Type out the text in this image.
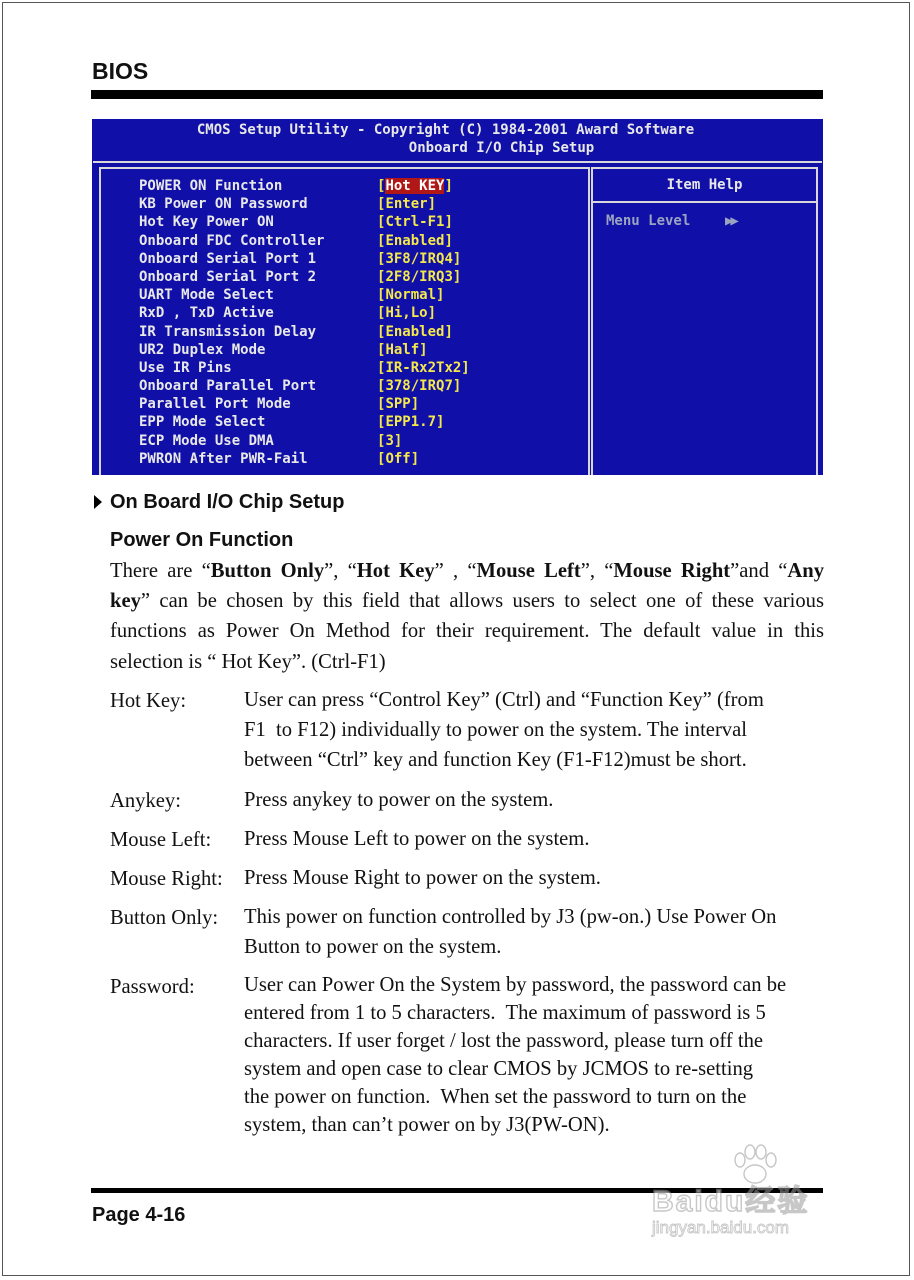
BIOS
CMOS Setup Utility - Copyright (C) 1984-2001 Award Software
Onboard I/O Chip Setup
POWER ON Function	[Hot KEY]
KB Power ON Password	[Enter]
Hot Key Power ON	[Ctrl-F1]
Onboard FDC Controller	[Enabled]
Onboard Serial Port 1	[3F8/IRQ4]
Onboard Serial Port 2	[2F8/IRQ3]
UART Mode Select	[Normal]
RxD , TxD Active	[Hi,Lo]
IR Transmission Delay	[Enabled]
UR2 Duplex Mode	[Half]
Use IR Pins	[IR-Rx2Tx2]
Onboard Parallel Port	[378/IRQ7]
Parallel Port Mode	[SPP]
EPP Mode Select	[EPP1.7]
ECP Mode Use DMA	[3]
PWRON After PWR-Fail	[Off]
Item Help
Menu Level ▶▶
On Board I/O Chip Setup
Power On Function
There are “Button Only”, “Hot Key” , “Mouse Left”, “Mouse Right”and “Any
key” can be chosen by this field that allows users to select one of these various
functions as Power On Method for their requirement. The default value in this
selection is “ Hot Key”. (Ctrl-F1)
Hot Key:	User can press “Control Key” (Ctrl) and “Function Key” (from
F1  to F12) individually to power on the system. The interval
between “Ctrl” key and function Key (F1-F12)must be short.
Anykey:	Press anykey to power on the system.
Mouse Left: Press Mouse Left to power on the system.
Mouse Right: Press Mouse Right to power on the system.
Button Only: This power on function controlled by J3 (pw-on.) Use Power On
Button to power on the system.
Password: User can Power On the System by password, the password can be
entered from 1 to 5 characters.  The maximum of password is 5
characters. If user forget / lost the password, please turn off the
system and open case to clear CMOS by JCMOS to re-setting
the power on function.  When set the password to turn on the
system, than can’t power on by J3(PW-ON).
Page 4-16	Baidu经验
jingyan.baidu.com
